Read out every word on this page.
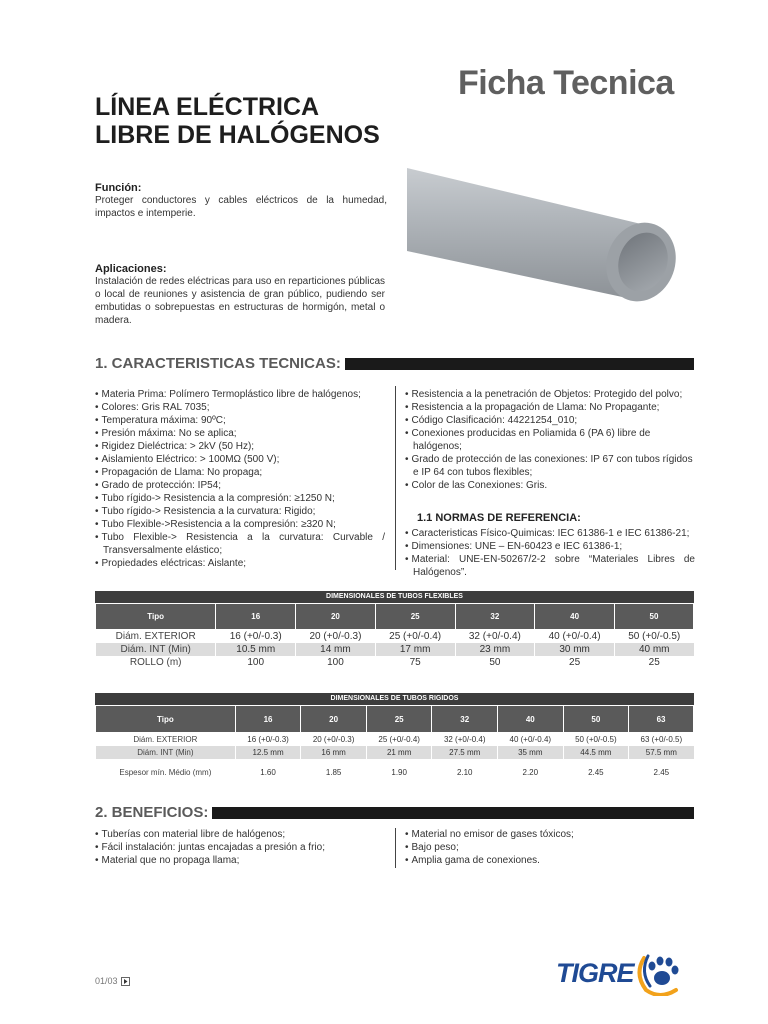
Ficha Tecnica
LÍNEA ELÉCTRICA
LIBRE DE HALÓGENOS
Función:
Proteger conductores y cables eléctricos de la humedad, impactos e intemperie.
Aplicaciones:
Instalación de redes eléctricas para uso en reparticiones públicas o local de reuniones y asistencia de gran público, pudiendo ser embutidas o sobrepuestas en estructuras de hormigón, metal o madera.
1. CARACTERISTICAS TECNICAS:
• Materia Prima: Polímero Termoplástico libre de halógenos;
• Colores: Gris RAL 7035;
• Temperatura máxima: 90ºC;
• Presión máxima: No se aplica;
• Rigidez Dieléctrica: > 2kV (50 Hz);
• Aislamiento Eléctrico: > 100MΩ (500 V);
• Propagación de Llama: No propaga;
• Grado de protección: IP54;
• Tubo rígido-> Resistencia a la compresión: ≥1250 N;
• Tubo rígido-> Resistencia a la curvatura: Rigido;
• Tubo Flexible->Resistencia a la compresión: ≥320 N;
• Tubo Flexible-> Resistencia a la curvatura: Curvable / Transversalmente elástico;
• Propiedades eléctricas: Aislante;
• Resistencia a la penetración de Objetos: Protegido del polvo;
• Resistencia a la propagación de Llama: No Propagante;
• Código Clasificación: 44221254_010;
• Conexiones producidas en Poliamida 6 (PA 6) libre de halógenos;
• Grado de protección de las conexiones: IP 67 con tubos rígidos e IP 64 con tubos flexibles;
• Color de las Conexiones: Gris.
1.1 NORMAS DE REFERENCIA:
• Caracteristicas Físico-Quimicas: IEC 61386-1 e IEC 61386-21;
• Dimensiones: UNE – EN-60423 e IEC 61386-1;
• Material: UNE-EN-50267/2-2 sobre “Materiales Libres de Halógenos”.
DIMENSIONALES DE TUBOS FLEXIBLES
Tipo	16	20	25	32	40	50
Diám. EXTERIOR	16 (+0/-0.3)	20 (+0/-0.3)	25 (+0/-0.4)	32 (+0/-0.4)	40 (+0/-0.4)	50 (+0/-0.5)
Diám. INT (Min)	10.5 mm	14 mm	17 mm	23 mm	30 mm	40 mm
ROLLO (m)	100	100	75	50	25	25
DIMENSIONALES DE TUBOS RIGIDOS
Tipo	16	20	25	32	40	50	63
Diám. EXTERIOR	16 (+0/-0.3)	20 (+0/-0.3)	25 (+0/-0.4)	32 (+0/-0.4)	40 (+0/-0.4)	50 (+0/-0.5)	63 (+0/-0.5)
Diám. INT (Min)	12.5 mm	16 mm	21 mm	27.5 mm	35 mm	44.5 mm	57.5 mm
Espesor mín. Médio (mm)	1.60	1.85	1.90	2.10	2.20	2.45	2.45
2. BENEFICIOS:
• Tuberías con material libre de halógenos;
• Fácil instalación: juntas encajadas a presión a frio;
• Material que no propaga llama;
• Material no emisor de gases tóxicos;
• Bajo peso;
• Amplia gama de conexiones.
01/03	TIGRE
